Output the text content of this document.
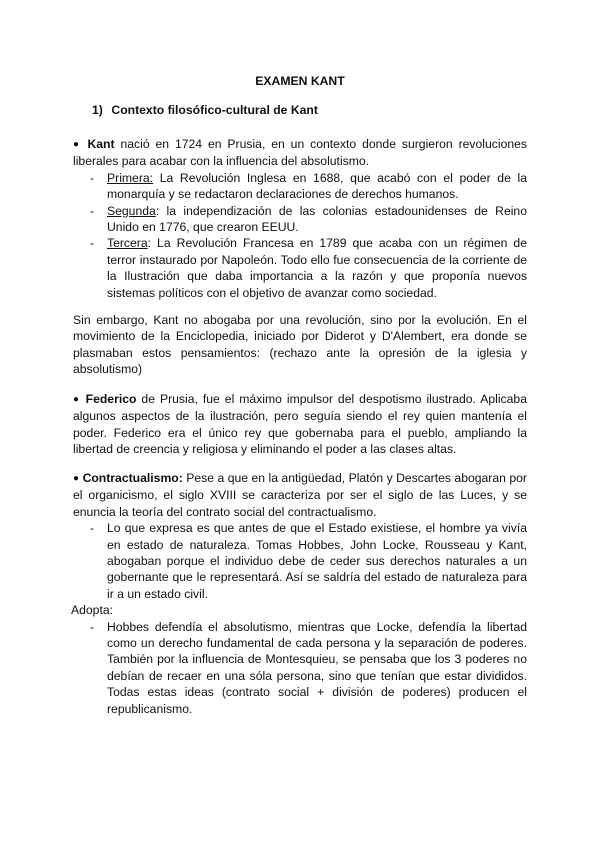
EXAMEN KANT
1) Contexto filosófico-cultural de Kant

● Kant nació en 1724 en Prusia, en un contexto donde surgieron revoluciones liberales para acabar con la influencia del absolutismo.

- Primera: La Revolución Inglesa en 1688, que acabó con el poder de la monarquía y se redactaron declaraciones de derechos humanos.
- Segunda: la independización de las colonias estadounidenses de Reino Unido en 1776, que crearon EEUU.
- Tercera: La Revolución Francesa en 1789 que acaba con un régimen de terror instaurado por Napoleón. Todo ello fue consecuencia de la corriente de la Ilustración que daba importancia a la razón y que proponía nuevos sistemas políticos con el objetivo de avanzar como sociedad.

Sin embargo, Kant no abogaba por una revolución, sino por la evolución. En el movimiento de la Enciclopedia, iniciado por Diderot y D'Alembert, era donde se plasmaban estos pensamientos: (rechazo ante la opresión de la iglesia y absolutismo)

● Federico de Prusia, fue el máximo impulsor del despotismo ilustrado. Aplicaba algunos aspectos de la ilustración, pero seguía siendo el rey quien mantenía el poder. Federico era el único rey que gobernaba para el pueblo, ampliando la libertad de creencia y religiosa y eliminando el poder a las clases altas.

● Contractualismo: Pese a que en la antigüedad, Platón y Descartes abogaran por el organicismo, el siglo XVIII se caracteriza por ser el siglo de las Luces, y se enuncia la teoría del contrato social del contractualismo.

- Lo que expresa es que antes de que el Estado existiese, el hombre ya vivía en estado de naturaleza. Tomas Hobbes, John Locke, Rousseau y Kant, abogaban porque el individuo debe de ceder sus derechos naturales a un gobernante que le representará. Así se saldría del estado de naturaleza para ir a un estado civil.

Adopta:

- Hobbes defendía el absolutismo, mientras que Locke, defendía la libertad como un derecho fundamental de cada persona y la separación de poderes. También por la influencia de Montesquieu, se pensaba que los 3 poderes no debían de recaer en una sóla persona, sino que tenían que estar divididos. Todas estas ideas (contrato social + división de poderes) producen el republicanismo.
